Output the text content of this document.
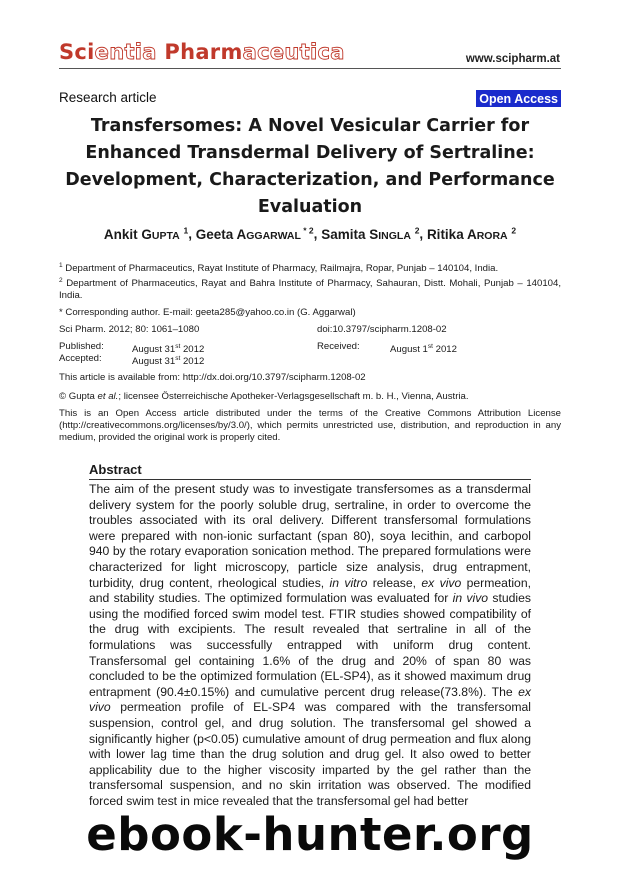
Scientia Pharmaceutica	www.scipharm.at
Research article	Open Access
Transfersomes: A Novel Vesicular Carrier for Enhanced Transdermal Delivery of Sertraline: Development, Characterization, and Performance Evaluation
Ankit GUPTA $^1$, Geeta AGGARWAL $^{* 2}$, Samita SINGLA $^2$, Ritika ARORA $^2$
$^1$ Department of Pharmaceutics, Rayat Institute of Pharmacy, Railmajra, Ropar, Punjab – 140104, India.
$^2$ Department of Pharmaceutics, Rayat and Bahra Institute of Pharmacy, Sahauran, Distt. Mohali, Punjab – 140104, India.
* Corresponding author. E-mail: geeta285@yahoo.co.in (G. Aggarwal)
Sci Pharm. 2012; 80: 1061–1080	doi:10.3797/scipharm.1208-02
Published:	August 31st 2012	Received:	August 1st 2012
Accepted:	August 31st 2012
This article is available from: http://dx.doi.org/10.3797/scipharm.1208-02
© Gupta et al.; licensee Österreichische Apotheker-Verlagsgesellschaft m. b. H., Vienna, Austria.
This is an Open Access article distributed under the terms of the Creative Commons Attribution License (http://creativecommons.org/licenses/by/3.0/), which permits unrestricted use, distribution, and reproduction in any medium, provided the original work is properly cited.
Abstract
The aim of the present study was to investigate transfersomes as a transdermal delivery system for the poorly soluble drug, sertraline, in order to overcome the troubles associated with its oral delivery. Different transfersomal formulations were prepared with non-ionic surfactant (span 80), soya lecithin, and carbopol 940 by the rotary evaporation sonication method. The prepared formulations were characterized for light microscopy, particle size analysis, drug entrapment, turbidity, drug content, rheological studies, in vitro release, ex vivo permeation, and stability studies. The optimized formulation was evaluated for in vivo studies using the modified forced swim model test. FTIR studies showed compatibility of the drug with excipients. The result revealed that sertraline in all of the formulations was successfully entrapped with uniform drug content. Transfersomal gel containing 1.6% of the drug and 20% of span 80 was concluded to be the optimized formulation (EL-SP4), as it showed maximum drug entrapment (90.4±0.15%) and cumulative percent drug release(73.8%). The ex vivo permeation profile of EL-SP4 was compared with the transfersomal suspension, control gel, and drug solution. The transfersomal gel showed a significantly higher (p<0.05) cumulative amount of drug permeation and flux along with lower lag time than the drug solution and drug gel. It also owed to better applicability due to the higher viscosity imparted by the gel rather than the transfersomal suspension, and no skin irritation was observed. The modified forced swim test in mice revealed that the transfersomal gel had better
ebook-hunter.org
